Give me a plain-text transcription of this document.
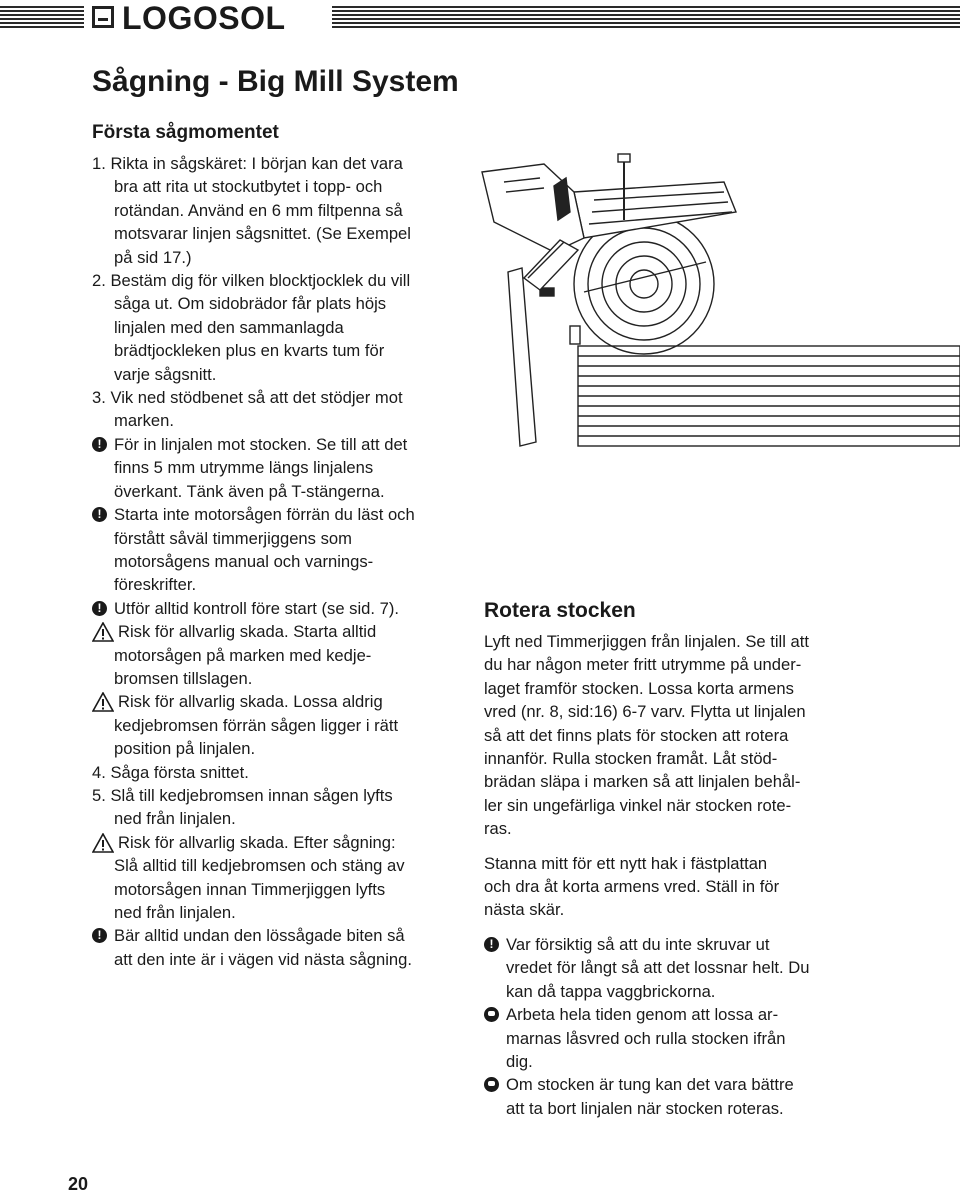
LOGOSOL
Sågning - Big Mill System
Första sågmomentet

1. Rikta in sågskäret: I början kan det vara

bra att rita ut stockutbytet i topp- och

rotändan. Använd en 6 mm filtpenna så

motsvarar linjen sågsnittet. (Se Exempel

på sid 17.)

2. Bestäm dig för vilken blocktjocklek du vill

såga ut. Om sidobrädor får plats höjs

linjalen med den sammanlagda

brädtjockleken plus en kvarts tum för

varje sågsnitt.

3. Vik ned stödbenet så att det stödjer mot

marken.

!
För in linjalen mot stocken. Se till att det

finns 5 mm utrymme längs linjalens

överkant. Tänk även på T-stängerna.

!
Starta inte motorsågen förrän du läst och

förstått såväl timmerjiggens som

motorsågens manual och varnings-

föreskrifter.

!
Utför alltid kontroll före start (se sid. 7).
Risk för allvarlig skada. Starta alltid

motorsågen på marken med kedje-

bromsen tillslagen.

Risk för allvarlig skada. Lossa aldrig

kedjebromsen förrän sågen ligger i rätt

position på linjalen.

4. Såga första snittet.

5. Slå till kedjebromsen innan sågen lyfts

ned från linjalen.

Risk för allvarlig skada. Efter sågning:

Slå alltid till kedjebromsen och stäng av

motorsågen innan Timmerjiggen lyfts

ned från linjalen.

!
Bär alltid undan den lössågade biten så

att den inte är i vägen vid nästa sågning.

Rotera stocken

Lyft ned Timmerjiggen från linjalen. Se till att

du har någon meter fritt utrymme på under-

laget framför stocken. Lossa korta armens

vred (nr. 8, sid:16) 6-7 varv. Flytta ut linjalen

så att det finns plats för stocken att rotera

innanför. Rulla stocken framåt. Låt stöd-

brädan släpa i marken så att linjalen behål-

ler sin ungefärliga vinkel när stocken rote-

ras.

Stanna mitt för ett nytt hak i fästplattan

och dra åt korta armens vred. Ställ in för

nästa skär.

!
Var försiktig så att du inte skruvar ut

vredet för långt så att det lossnar helt. Du

kan då tappa vaggbrickorna.

Arbeta hela tiden genom att lossa ar-

marnas låsvred och rulla stocken ifrån

dig.

Om stocken är tung kan det vara bättre

att ta bort linjalen när stocken roteras.

20
